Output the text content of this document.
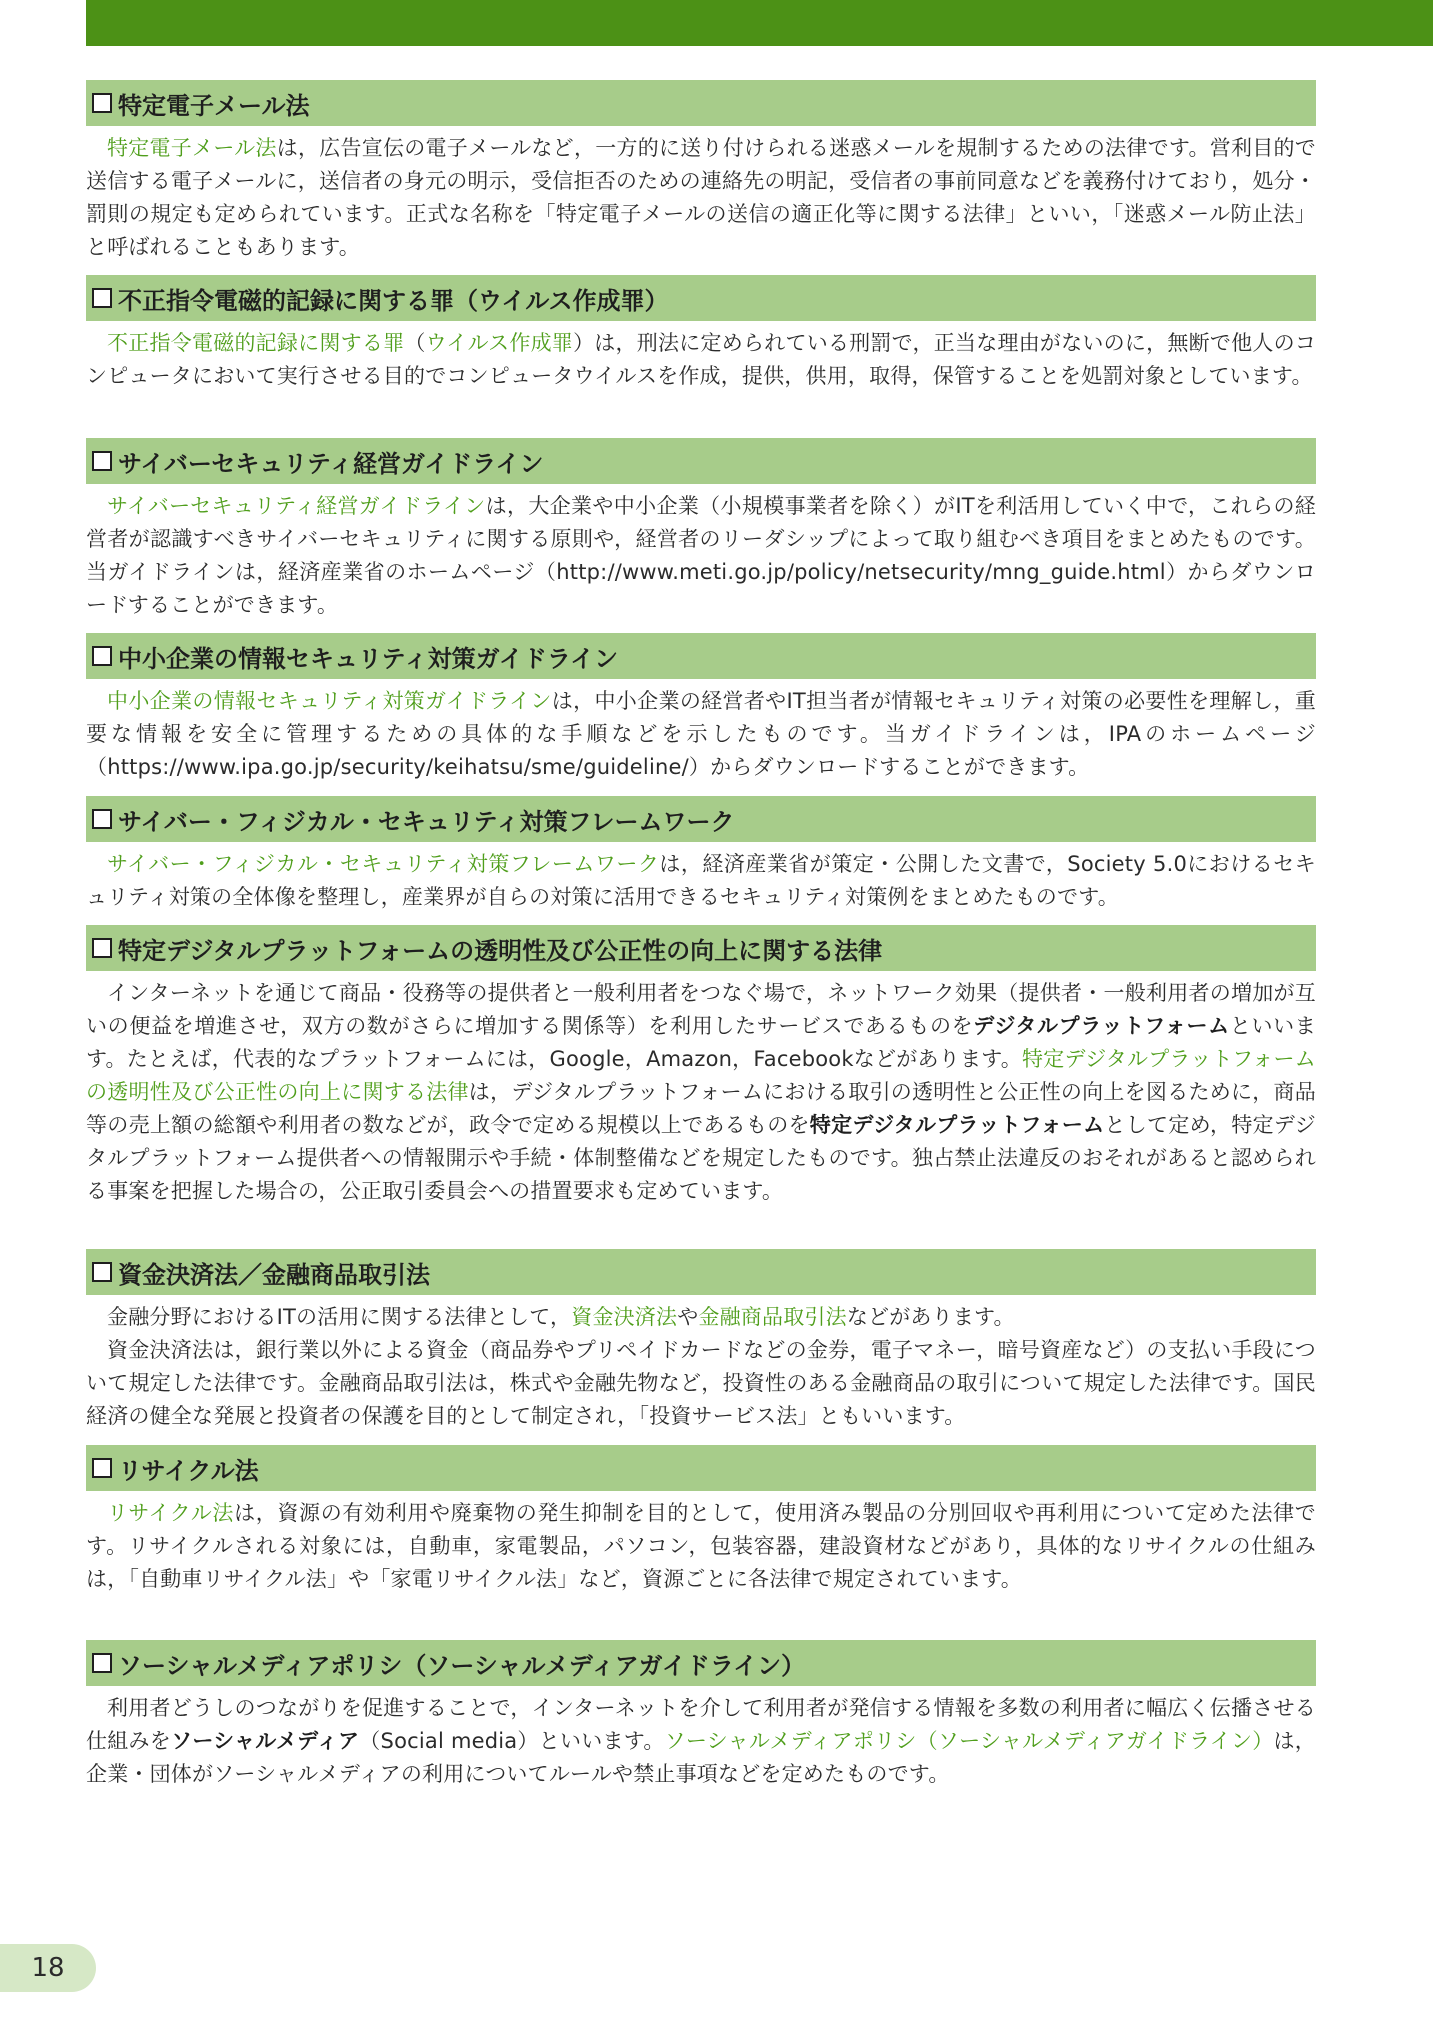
特定電子メール法

特定電子メール法は，広告宣伝の電子メールなど，一方的に送り付けられる迷惑メールを規制するための法律です。営利目的で送信する電子メールに，送信者の身元の明示，受信拒否のための連絡先の明記，受信者の事前同意などを義務付けており，処分・罰則の規定も定められています。正式な名称を「特定電子メールの送信の適正化等に関する法律」といい，「迷惑メール防止法」と呼ばれることもあります。

不正指令電磁的記録に関する罪（ウイルス作成罪）

不正指令電磁的記録に関する罪（ウイルス作成罪）は，刑法に定められている刑罰で，正当な理由がないのに，無断で他人のコンピュータにおいて実行させる目的でコンピュータウイルスを作成，提供，供用，取得，保管することを処罰対象としています。

サイバーセキュリティ経営ガイドライン

サイバーセキュリティ経営ガイドラインは，大企業や中小企業（小規模事業者を除く）がITを利活用していく中で，これらの経営者が認識すべきサイバーセキュリティに関する原則や，経営者のリーダシップによって取り組むべき項目をまとめたものです。当ガイドラインは，経済産業省のホームページ（http://www.meti.go.jp/policy/netsecurity/mng_guide.html）からダウンロードすることができます。

中小企業の情報セキュリティ対策ガイドライン

中小企業の情報セキュリティ対策ガイドラインは，中小企業の経営者やIT担当者が情報セキュリティ対策の必要性を理解し，重要な情報を安全に管理するための具体的な手順などを示したものです。当ガイドラインは，IPAのホームページ（https://www.ipa.go.jp/security/keihatsu/sme/guideline/）からダウンロードすることができます。

サイバー・フィジカル・セキュリティ対策フレームワーク

サイバー・フィジカル・セキュリティ対策フレームワークは，経済産業省が策定・公開した文書で，Society 5.0におけるセキュリティ対策の全体像を整理し，産業界が自らの対策に活用できるセキュリティ対策例をまとめたものです。

特定デジタルプラットフォームの透明性及び公正性の向上に関する法律

インターネットを通じて商品・役務等の提供者と一般利用者をつなぐ場で，ネットワーク効果（提供者・一般利用者の増加が互いの便益を増進させ，双方の数がさらに増加する関係等）を利用したサービスであるものをデジタルプラットフォームといいます。たとえば，代表的なプラットフォームには，Google，Amazon，Facebookなどがあります。特定デジタルプラットフォームの透明性及び公正性の向上に関する法律は，デジタルプラットフォームにおける取引の透明性と公正性の向上を図るために，商品等の売上額の総額や利用者の数などが，政令で定める規模以上であるものを特定デジタルプラットフォームとして定め，特定デジタルプラットフォーム提供者への情報開示や手続・体制整備などを規定したものです。独占禁止法違反のおそれがあると認められる事案を把握した場合の，公正取引委員会への措置要求も定めています。

資金決済法／金融商品取引法

金融分野におけるITの活用に関する法律として，資金決済法や金融商品取引法などがあります。

資金決済法は，銀行業以外による資金（商品券やプリペイドカードなどの金券，電子マネー，暗号資産など）の支払い手段について規定した法律です。金融商品取引法は，株式や金融先物など，投資性のある金融商品の取引について規定した法律です。国民経済の健全な発展と投資者の保護を目的として制定され，「投資サービス法」ともいいます。

リサイクル法

リサイクル法は，資源の有効利用や廃棄物の発生抑制を目的として，使用済み製品の分別回収や再利用について定めた法律です。リサイクルされる対象には，自動車，家電製品，パソコン，包装容器，建設資材などがあり，具体的なリサイクルの仕組みは，「自動車リサイクル法」や「家電リサイクル法」など，資源ごとに各法律で規定されています。

ソーシャルメディアポリシ（ソーシャルメディアガイドライン）

利用者どうしのつながりを促進することで，インターネットを介して利用者が発信する情報を多数の利用者に幅広く伝播させる仕組みをソーシャルメディア（Social media）といいます。ソーシャルメディアポリシ（ソーシャルメディアガイドライン）は，企業・団体がソーシャルメディアの利用についてルールや禁止事項などを定めたものです。

18
